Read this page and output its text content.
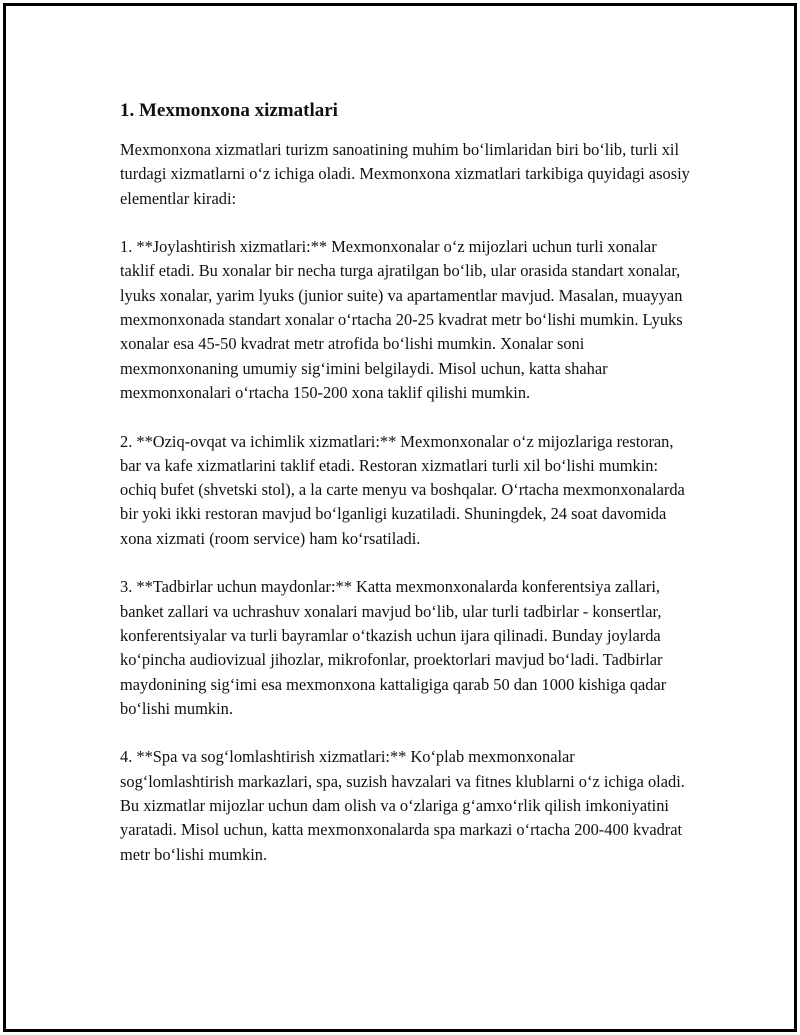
1. Mexmonxona xizmatlari

Mexmonxona xizmatlari turizm sanoatining muhim bo‘limlaridan biri bo‘lib, turli xil turdagi xizmatlarni o‘z ichiga oladi. Mexmonxona xizmatlari tarkibiga quyidagi asosiy elementlar kiradi:

1. **Joylashtirish xizmatlari:** Mexmonxonalar o‘z mijozlari uchun turli xonalar taklif etadi. Bu xonalar bir necha turga ajratilgan bo‘lib, ular orasida standart xonalar, lyuks xonalar, yarim lyuks (junior suite) va apartamentlar mavjud. Masalan, muayyan mexmonxonada standart xonalar o‘rtacha 20-25 kvadrat metr bo‘lishi mumkin. Lyuks xonalar esa 45-50 kvadrat metr atrofida bo‘lishi mumkin. Xonalar soni mexmonxonaning umumiy sig‘imini belgilaydi. Misol uchun, katta shahar mexmonxonalari o‘rtacha 150-200 xona taklif qilishi mumkin.

2. **Oziq-ovqat va ichimlik xizmatlari:** Mexmonxonalar o‘z mijozlariga restoran, bar va kafe xizmatlarini taklif etadi. Restoran xizmatlari turli xil bo‘lishi mumkin: ochiq bufet (shvetski stol), a la carte menyu va boshqalar. O‘rtacha mexmonxonalarda bir yoki ikki restoran mavjud bo‘lganligi kuzatiladi. Shuningdek, 24 soat davomida xona xizmati (room service) ham ko‘rsatiladi.

3. **Tadbirlar uchun maydonlar:** Katta mexmonxonalarda konferentsiya zallari, banket zallari va uchrashuv xonalari mavjud bo‘lib, ular turli tadbirlar - konsertlar, konferentsiyalar va turli bayramlar o‘tkazish uchun ijara qilinadi. Bunday joylarda ko‘pincha audiovizual jihozlar, mikrofonlar, proektorlari mavjud bo‘ladi. Tadbirlar maydonining sig‘imi esa mexmonxona kattaligiga qarab 50 dan 1000 kishiga qadar bo‘lishi mumkin.

4. **Spa va sog‘lomlashtirish xizmatlari:** Ko‘plab mexmonxonalar sog‘lomlashtirish markazlari, spa, suzish havzalari va fitnes klublarni o‘z ichiga oladi. Bu xizmatlar mijozlar uchun dam olish va o‘zlariga g‘amxo‘rlik qilish imkoniyatini yaratadi. Misol uchun, katta mexmonxonalarda spa markazi o‘rtacha 200-400 kvadrat metr bo‘lishi mumkin.
